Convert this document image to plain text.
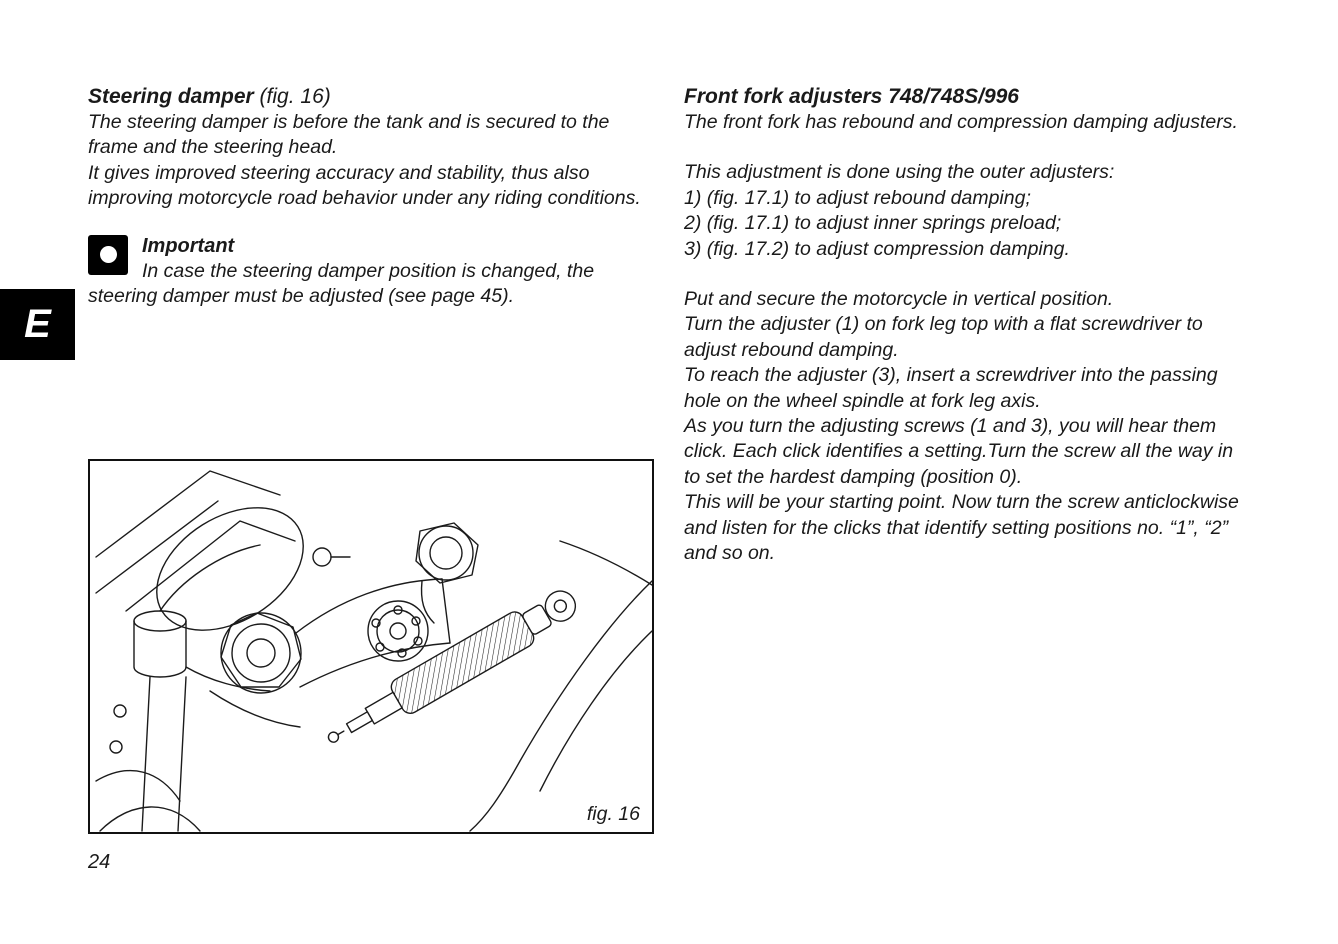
E
Steering damper (fig. 16)

The steering damper is before the tank and is secured to the frame and the steering head.

It gives improved steering accuracy and stability, thus also improving motorcycle road behavior under any riding conditions.

Important
In case the steering damper position is changed, the steering damper must be adjusted (see page 45).
fig. 16
24
Front fork adjusters 748/748S/996

The front fork has rebound and compression damping adjusters.

This adjustment is done using the outer adjusters:

1) (fig. 17.1) to adjust rebound damping;

2) (fig. 17.1) to adjust inner springs preload;

3) (fig. 17.2) to adjust compression damping.

Put and secure the motorcycle in vertical position.

Turn the adjuster (1) on fork leg top with a flat screwdriver to adjust rebound damping.

To reach the adjuster (3), insert a screwdriver into the passing hole on the wheel spindle at fork leg axis.

As you turn the adjusting screws (1 and 3), you will hear them click. Each click identifies a setting.Turn the screw all the way in to set the hardest damping (position 0).

This will be your starting point. Now turn the screw anticlockwise and listen for the clicks that identify setting positions no. “1”, “2” and so on.
